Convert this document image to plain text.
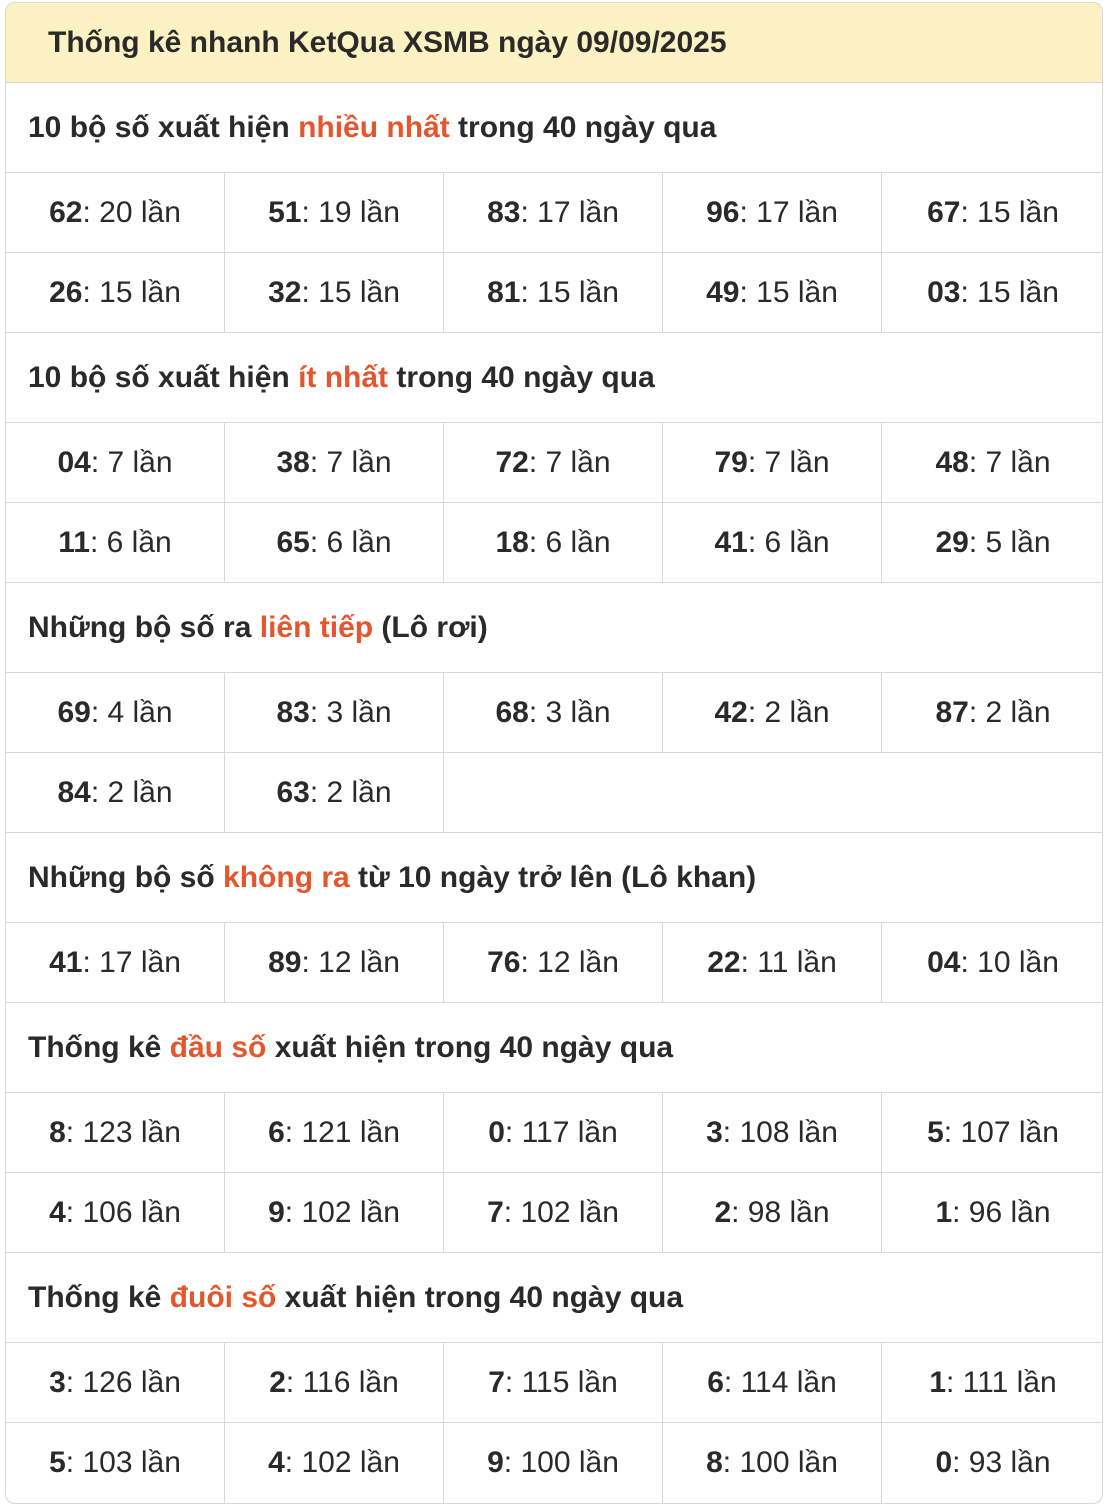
Thống kê nhanh KetQua XSMB ngày 09/09/2025
10 bộ số xuất hiện nhiều nhất trong 40 ngày qua
62 : 20 lần	51 : 19 lần	83 : 17 lần	96 : 17 lần	67 : 15 lần
26 : 15 lần	32 : 15 lần	81 : 15 lần	49 : 15 lần	03 : 15 lần
10 bộ số xuất hiện ít nhất trong 40 ngày qua
04 : 7 lần	38 : 7 lần	72 : 7 lần	79 : 7 lần	48 : 7 lần
11 : 6 lần	65 : 6 lần	18 : 6 lần	41 : 6 lần	29 : 5 lần
Những bộ số ra liên tiếp (Lô rơi)
69 : 4 lần	83 : 3 lần	68 : 3 lần	42 : 2 lần	87 : 2 lần
84 : 2 lần	63 : 2 lần
Những bộ số không ra từ 10 ngày trở lên (Lô khan)
41 : 17 lần	89 : 12 lần	76 : 12 lần	22 : 11 lần	04 : 10 lần
Thống kê đầu số xuất hiện trong 40 ngày qua
8 : 123 lần	6 : 121 lần	0 : 117 lần	3 : 108 lần	5 : 107 lần
4 : 106 lần	9 : 102 lần	7 : 102 lần	2 : 98 lần	1 : 96 lần
Thống kê đuôi số xuất hiện trong 40 ngày qua
3 : 126 lần	2 : 116 lần	7 : 115 lần	6 : 114 lần	1 : 111 lần
5 : 103 lần	4 : 102 lần	9 : 100 lần	8 : 100 lần	0 : 93 lần
